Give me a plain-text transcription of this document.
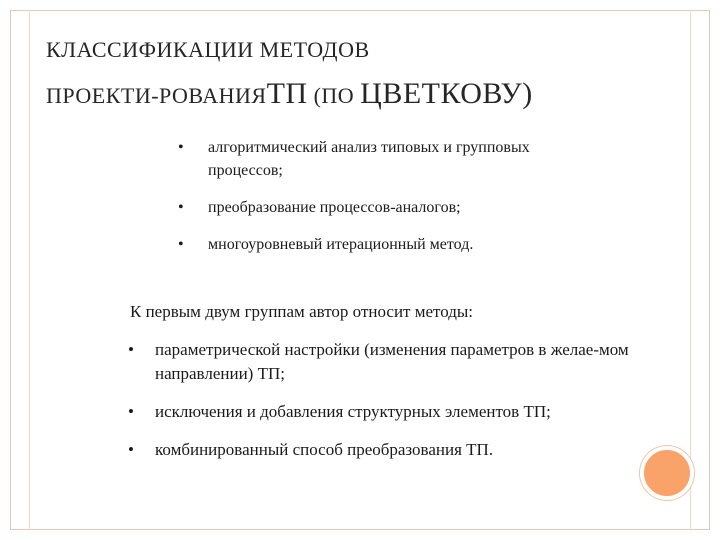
КЛАССИФИКАЦИИ МЕТОДОВ
ПРОЕКТИ-РОВАНИЯТП (ПО ЦВЕТКОВУ)
• алгоритмический анализ типовых и групповых процессов;
• преобразование процессов-аналогов;
• многоуровневый итерационный метод.
К первым двум группам автор относит методы:
• параметрической настройки (изменения параметров в желае-мом направлении) ТП;
• исключения и добавления структурных элементов ТП;
• комбинированный способ преобразования ТП.
